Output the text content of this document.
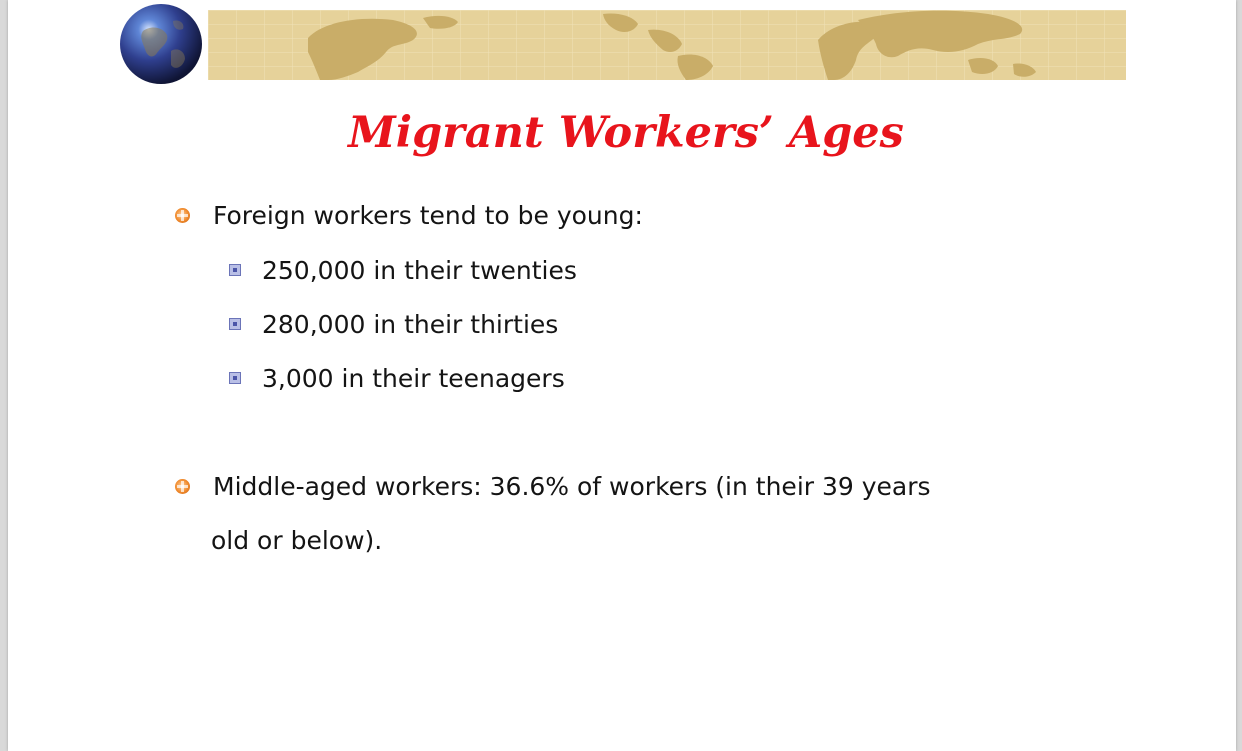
Migrant Workers’ Ages
Foreign workers tend to be young:
250,000 in their twenties
280,000 in their thirties
3,000 in their teenagers
Middle-aged workers: 36.6% of workers (in their 39 years
old or below).
